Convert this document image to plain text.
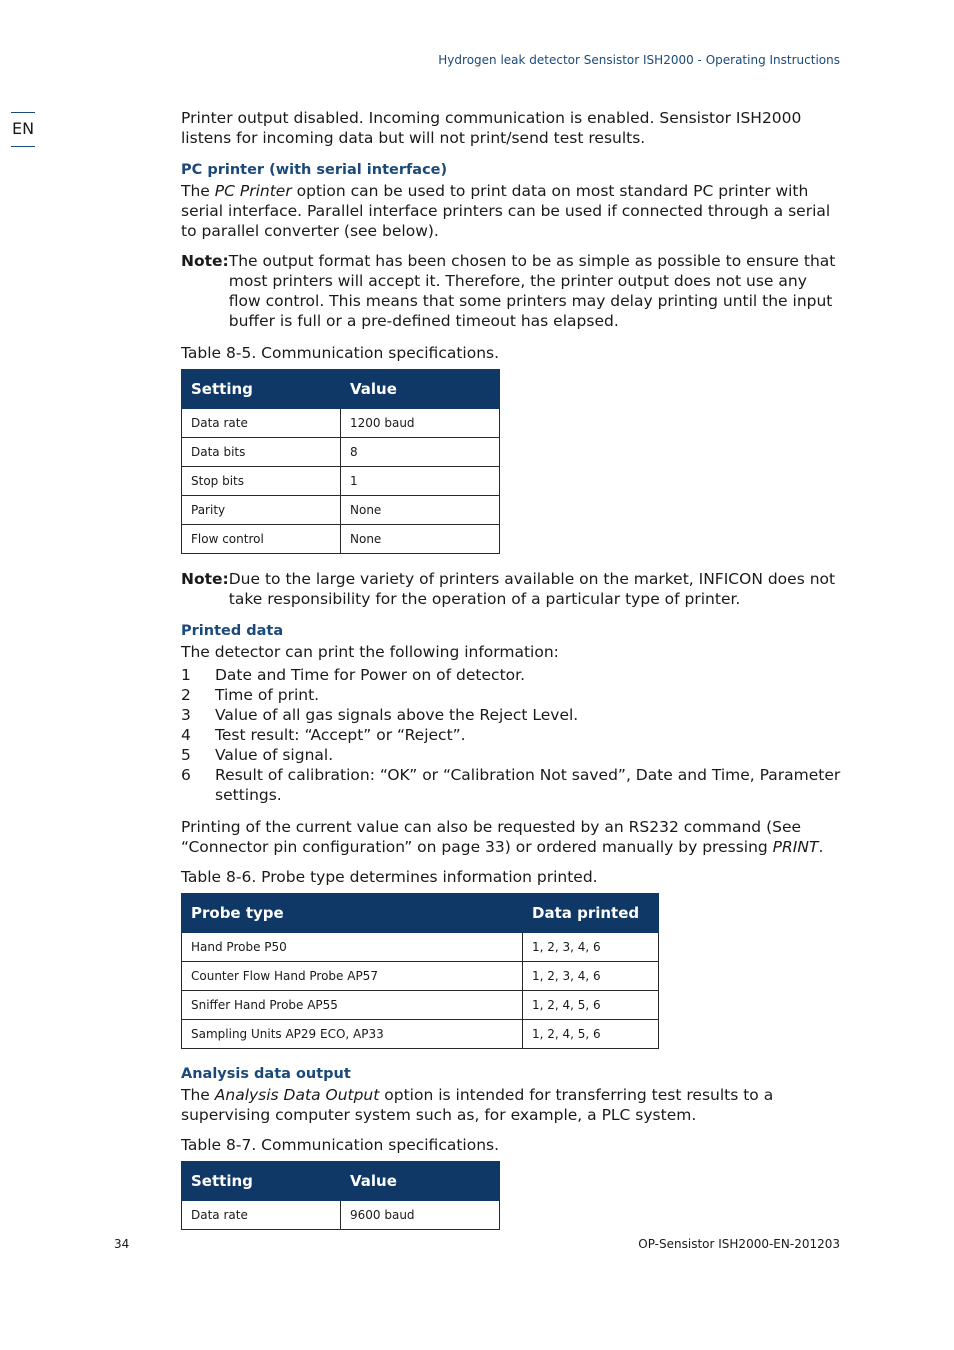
Hydrogen leak detector Sensistor ISH2000 - Operating Instructions
EN

Printer output disabled. Incoming communication is enabled. Sensistor ISH2000 listens for incoming data but will not print/send test results.

PC printer (with serial interface)

The PC Printer option can be used to print data on most standard PC printer with serial interface. Parallel interface printers can be used if connected through a serial to parallel converter (see below).

Note: The output format has been chosen to be as simple as possible to ensure that most printers will accept it. Therefore, the printer output does not use any flow control. This means that some printers may delay printing until the input buffer is full or a pre-defined timeout has elapsed.

Table 8-5. Communication specifications.

Setting	Value
Data rate	1200 baud
Data bits	8
Stop bits	1
Parity	None
Flow control	None
Note: Due to the large variety of printers available on the market, INFICON does not take responsibility for the operation of a particular type of printer.
Printed data

The detector can print the following information:

1	Date and Time for Power on of detector.
2	Time of print.
3	Value of all gas signals above the Reject Level.
4	Test result: “Accept” or “Reject”.
5	Value of signal.
6	Result of calibration: “OK” or “Calibration Not saved”, Date and Time, Parameter settings.

Printing of the current value can also be requested by an RS232 command (See “Connector pin configuration” on page 33) or ordered manually by pressing PRINT.

Table 8-6. Probe type determines information printed.

Probe type	Data printed
Hand Probe P50	1, 2, 3, 4, 6
Counter Flow Hand Probe AP57	1, 2, 3, 4, 6
Sniffer Hand Probe AP55	1, 2, 4, 5, 6
Sampling Units AP29 ECO, AP33	1, 2, 4, 5, 6
Analysis data output

The Analysis Data Output option is intended for transferring test results to a supervising computer system such as, for example, a PLC system.

Table 8-7. Communication specifications.

Setting	Value
Data rate	9600 baud
34	OP-Sensistor ISH2000-EN-201203
